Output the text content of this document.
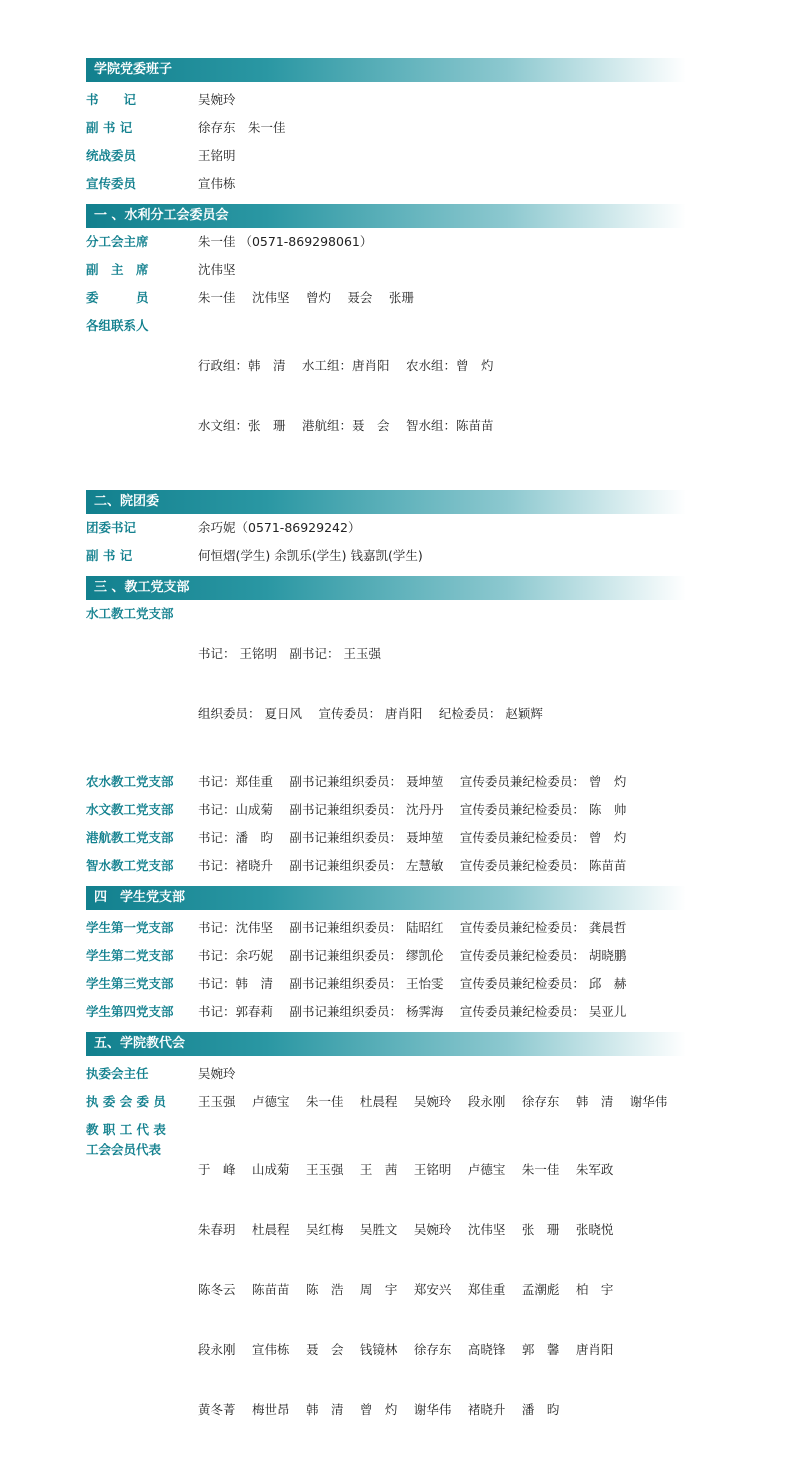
学院党委班子
书　　记	吴婉玲
副 书 记	徐存东　朱一佳
统战委员	王铭明
宣传委员	宣伟栋
一 、水利分工会委员会
分工会主席	朱一佳 （0571-869298061）
副　主　席	沈伟坚
委　　　员	朱一佳　 沈伟坚　 曾灼　 聂会　 张珊
各组联系人

行政组：韩　清　 水工组：唐肖阳　 农水组：曾　灼

水文组：张　珊　 港航组：聂　会　 智水组：陈苗苗

二、院团委
团委书记	余巧妮（0571-86929242）
副 书 记	何恒熠(学生) 余凯乐(学生) 钱嘉凯(学生)
三 、教工党支部
水工教工党支部

书记： 王铭明　副书记： 王玉强

组织委员： 夏日风　 宣传委员： 唐肖阳　 纪检委员： 赵颖辉

农水教工党支部	书记：郑佳重　 副书记兼组织委员： 聂坤堃　 宣传委员兼纪检委员： 曾　灼
水文教工党支部	书记：山成菊　 副书记兼组织委员： 沈丹丹　 宣传委员兼纪检委员： 陈　帅
港航教工党支部	书记：潘　昀　 副书记兼组织委员： 聂坤堃　 宣传委员兼纪检委员： 曾　灼
智水教工党支部	书记：褚晓升　 副书记兼组织委员： 左慧敏　 宣传委员兼纪检委员： 陈苗苗
四　学生党支部
学生第一党支部	书记：沈伟坚　 副书记兼组织委员： 陆昭红　 宣传委员兼纪检委员： 龚晨哲
学生第二党支部	书记：余巧妮　 副书记兼组织委员： 缪凯伦　 宣传委员兼纪检委员： 胡晓鹏
学生第三党支部	书记：韩　清　 副书记兼组织委员： 王怡雯　 宣传委员兼纪检委员： 邱　赫
学生第四党支部	书记：郭春莉　 副书记兼组织委员： 杨霁海　 宣传委员兼纪检委员： 吴亚儿
五、学院教代会
执委会主任	吴婉玲
执 委 会 委 员	王玉强　 卢德宝　 朱一佳　 杜晨程　 吴婉玲　 段永刚　 徐存东　 韩　清　 谢华伟
教 职 工 代 表
工会会员代表

于　峰　 山成菊　 王玉强　 王　茜　 王铭明　 卢德宝　 朱一佳　 朱军政

朱春玥　 杜晨程　 吴红梅　 吴胜文　 吴婉玲　 沈伟坚　 张　珊　 张晓悦

陈冬云　 陈苗苗　 陈　浩　 周　宇　 郑安兴　 郑佳重　 孟潮彪　 柏　宇

段永刚　 宣伟栋　 聂　会　 钱镜林　 徐存东　 高晓锋　 郭　馨　 唐肖阳

黄冬菁　 梅世昂　 韩　清　 曾　灼　 谢华伟　 褚晓升　 潘　昀
